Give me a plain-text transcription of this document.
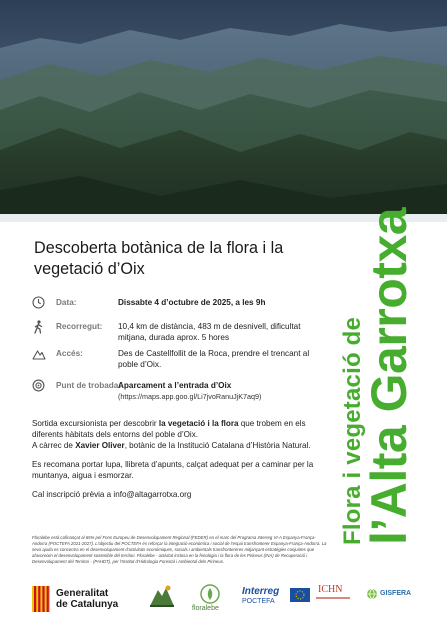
Descoberta botànica de la flora i la vegetació d’Oix
Data:	Dissabte 4 d’octubre de 2025, a les 9h
Recorregut:	10,4 km de distància, 483 m de desnivell, dificultat mitjana, durada aprox. 5 hores
Accés:	Des de Castellfollit de la Roca, prendre el trencant al poble d’Oix.
Punt de trobada:
Aparcament a l’entrada d’Oix
(https://maps.app.goo.gl/Li7jvoRanuJjK7aq9)

Sortida excursionista per descobrir la vegetació i la flora que trobem en els diferents hàbitats dels entorns del poble d’Oix.
A càrrec de Xavier Oliver, botànic de la Institució Catalana d’Història Natural.

Es recomana portar lupa, llibreta d’apunts, calçat adequat per a caminar per la muntanya, aigua i esmorzar.

Cal inscripció prèvia a info@altagarrotxa.org

Floralebe està cofinançat al 65% pel Fons Europeu de Desenvolupament Regional (FEDER) en el marc del Programa Interreg VI-A Espanya-França-Andorra (POCTEFA 2021-2027). L'objectiu del POCTEFA és reforçar la integració econòmica i social de l'espai transfronterer Espanya-França-Andorra. La seva ajuda es concentra en el desenvolupament d'activitats econòmiques, socials i ambientals transfrontereres mitjançant estratègies conjuntes que afavoreixin el desenvolupament sostenible del territori. Floralebe - activitat inclosa en la fenologia i la flora de les Pirineus (INA) de Recuperació i Desenvolupament del Territori - (PAHDT), per l'Institut d'Hidrologia Forestal i Ambiental dels Pirineus.
Flora i vegetació de
l’Alta Garrotxa
Generalitat
de Catalunya	floralebe
Interreg
POCTEFA
ICHN	GISFERA
